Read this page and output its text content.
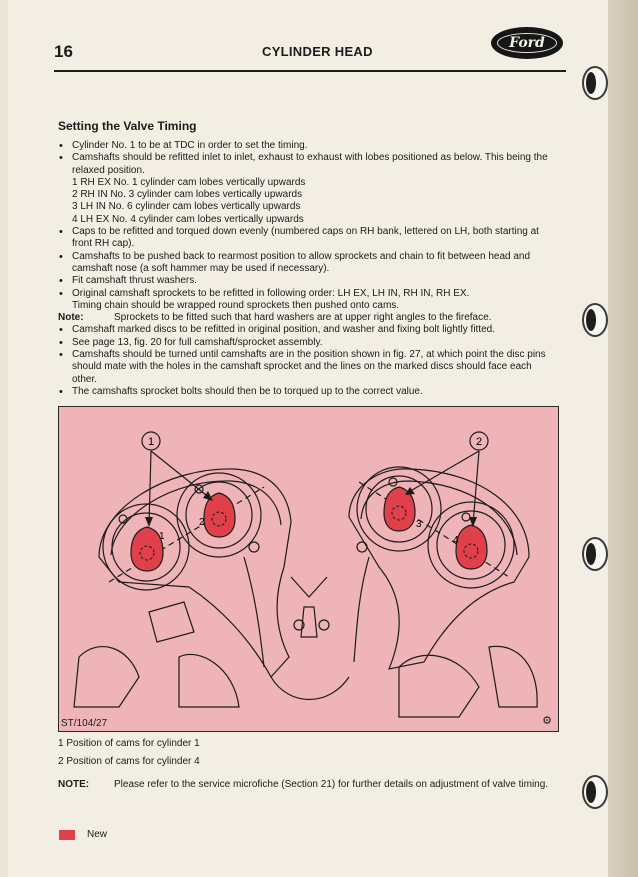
16	CYLINDER HEAD
Ford
Setting the Valve Timing
• Cylinder No. 1 to be at TDC in order to set the timing.
• Camshafts should be refitted inlet to inlet, exhaust to exhaust with lobes positioned as below. This being the relaxed position.
1 RH EX No. 1 cylinder cam lobes vertically upwards
2 RH IN No. 3 cylinder cam lobes vertically upwards
3 LH IN No. 6 cylinder cam lobes vertically upwards
4 LH EX No. 4 cylinder cam lobes vertically upwards
• Caps to be refitted and torqued down evenly (numbered caps on RH bank, lettered on LH, both starting at front RH cap).
• Camshafts to be pushed back to rearmost position to allow sprockets and chain to fit between head and camshaft nose (a soft hammer may be used if necessary).
• Fit camshaft thrust washers.
• Original camshaft sprockets to be refitted in following order: LH EX, LH IN, RH IN, RH EX.
Timing chain should be wrapped round sprockets then pushed onto cams.
Note:	Sprockets to be fitted such that hard washers are at upper right angles to the fireface.
• Camshaft marked discs to be refitted in original position, and washer and fixing bolt lightly fitted.
• See page 13, fig. 20 for full camshaft/sprocket assembly.
• Camshafts should be turned until camshafts are in the position shown in fig. 27, at which point the disc pins should mate with the holes in the camshaft sprocket and the lines on the marked discs should face each other.
• The camshafts sprocket bolts should then be to torqued up to the correct value.
1	2
1
2	3
4
ST/104/27	⚙
1 Position of cams for cylinder 1
2 Position of cams for cylinder 4
NOTE:	Please refer to the service microfiche (Section 21) for further details on adjustment of valve timing.
New
